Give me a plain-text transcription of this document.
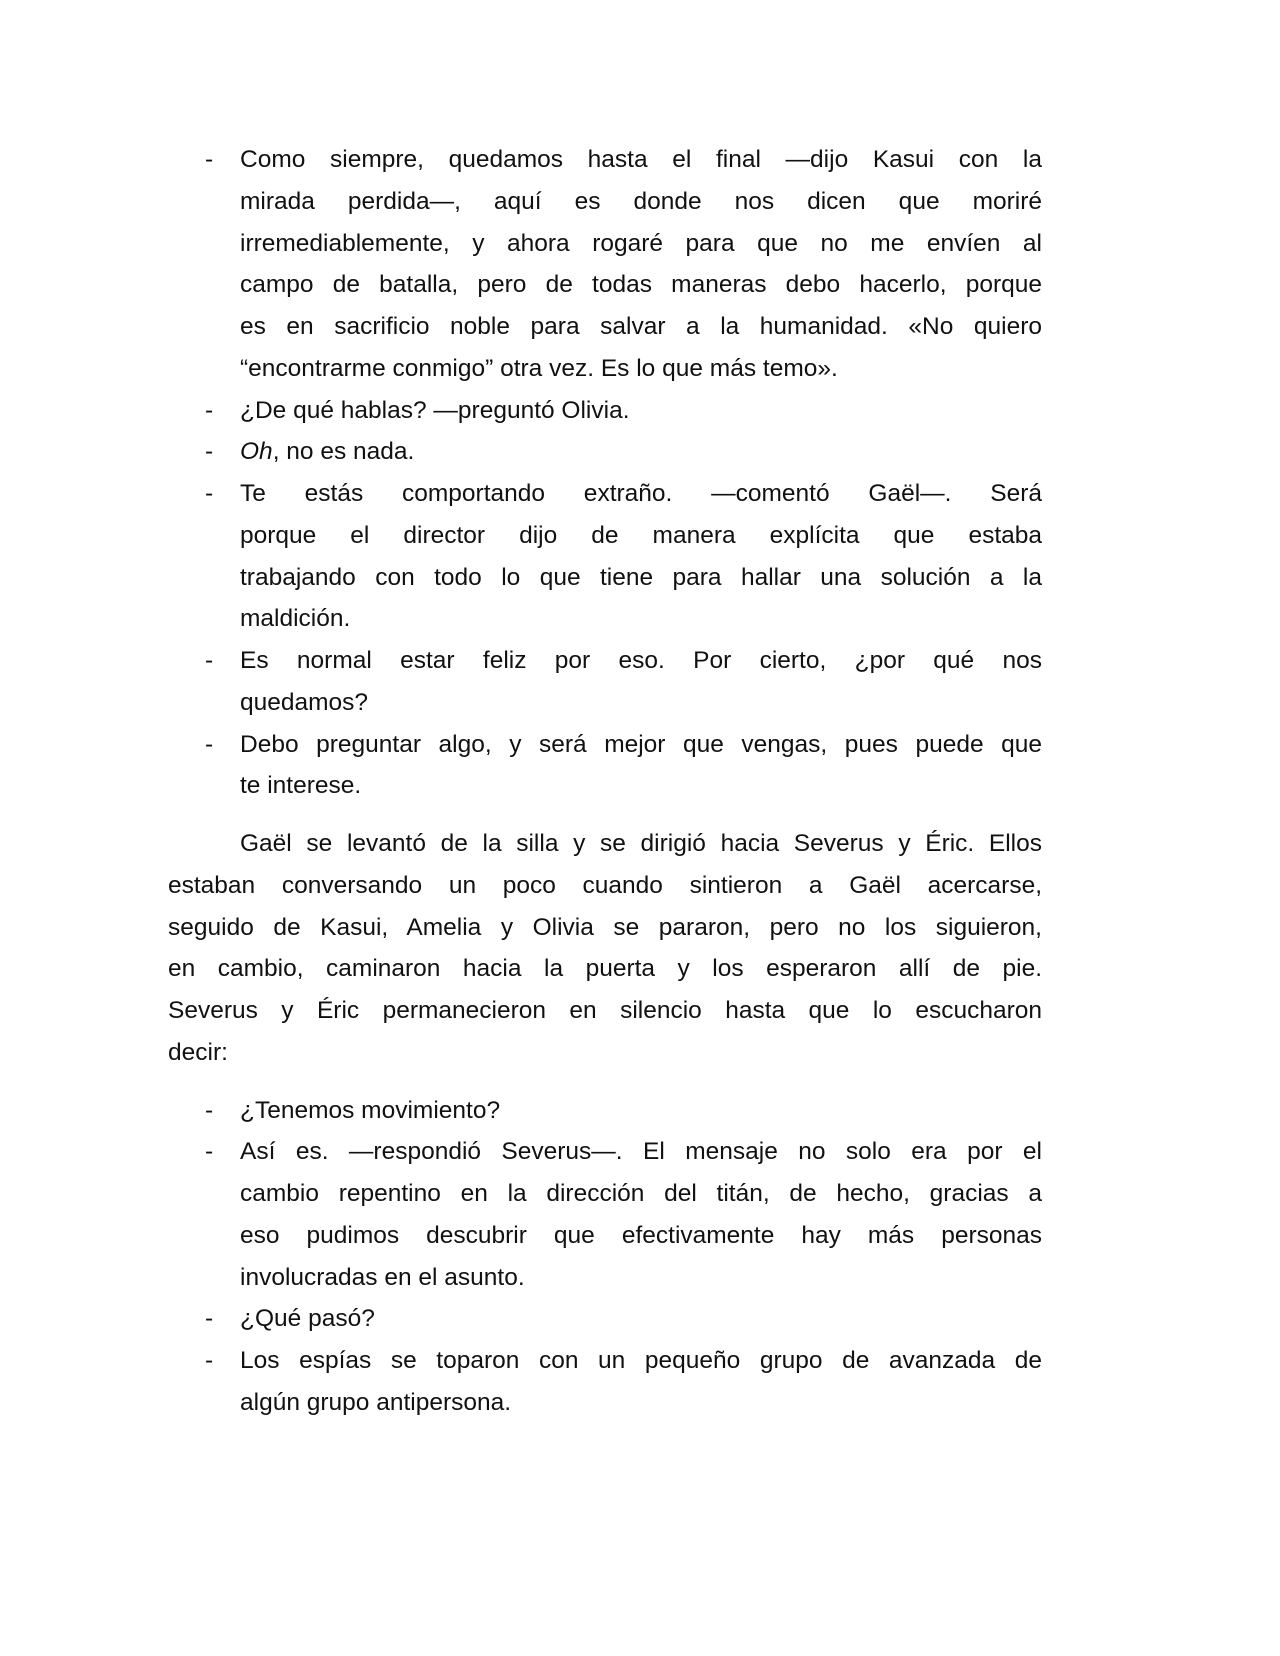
- Como siempre, quedamos hasta el final —dijo Kasui con la
mirada perdida—, aquí es donde nos dicen que moriré
irremediablemente, y ahora rogaré para que no me envíen al
campo de batalla, pero de todas maneras debo hacerlo, porque
es en sacrificio noble para salvar a la humanidad. «No quiero
“encontrarme conmigo” otra vez. Es lo que más temo».
- ¿De qué hablas? —preguntó Olivia.
- Oh, no es nada.
- Te estás comportando extraño. —comentó Gaël—. Será
porque el director dijo de manera explícita que estaba
trabajando con todo lo que tiene para hallar una solución a la
maldición.
- Es normal estar feliz por eso. Por cierto, ¿por qué nos
quedamos?
- Debo preguntar algo, y será mejor que vengas, pues puede que
te interese.
Gaël se levantó de la silla y se dirigió hacia Severus y Éric. Ellos
estaban conversando un poco cuando sintieron a Gaël acercarse,
seguido de Kasui, Amelia y Olivia se pararon, pero no los siguieron,
en cambio, caminaron hacia la puerta y los esperaron allí de pie.
Severus y Éric permanecieron en silencio hasta que lo escucharon
decir:
- ¿Tenemos movimiento?
- Así es. —respondió Severus—. El mensaje no solo era por el
cambio repentino en la dirección del titán, de hecho, gracias a
eso pudimos descubrir que efectivamente hay más personas
involucradas en el asunto.
- ¿Qué pasó?
- Los espías se toparon con un pequeño grupo de avanzada de
algún grupo antipersona.
